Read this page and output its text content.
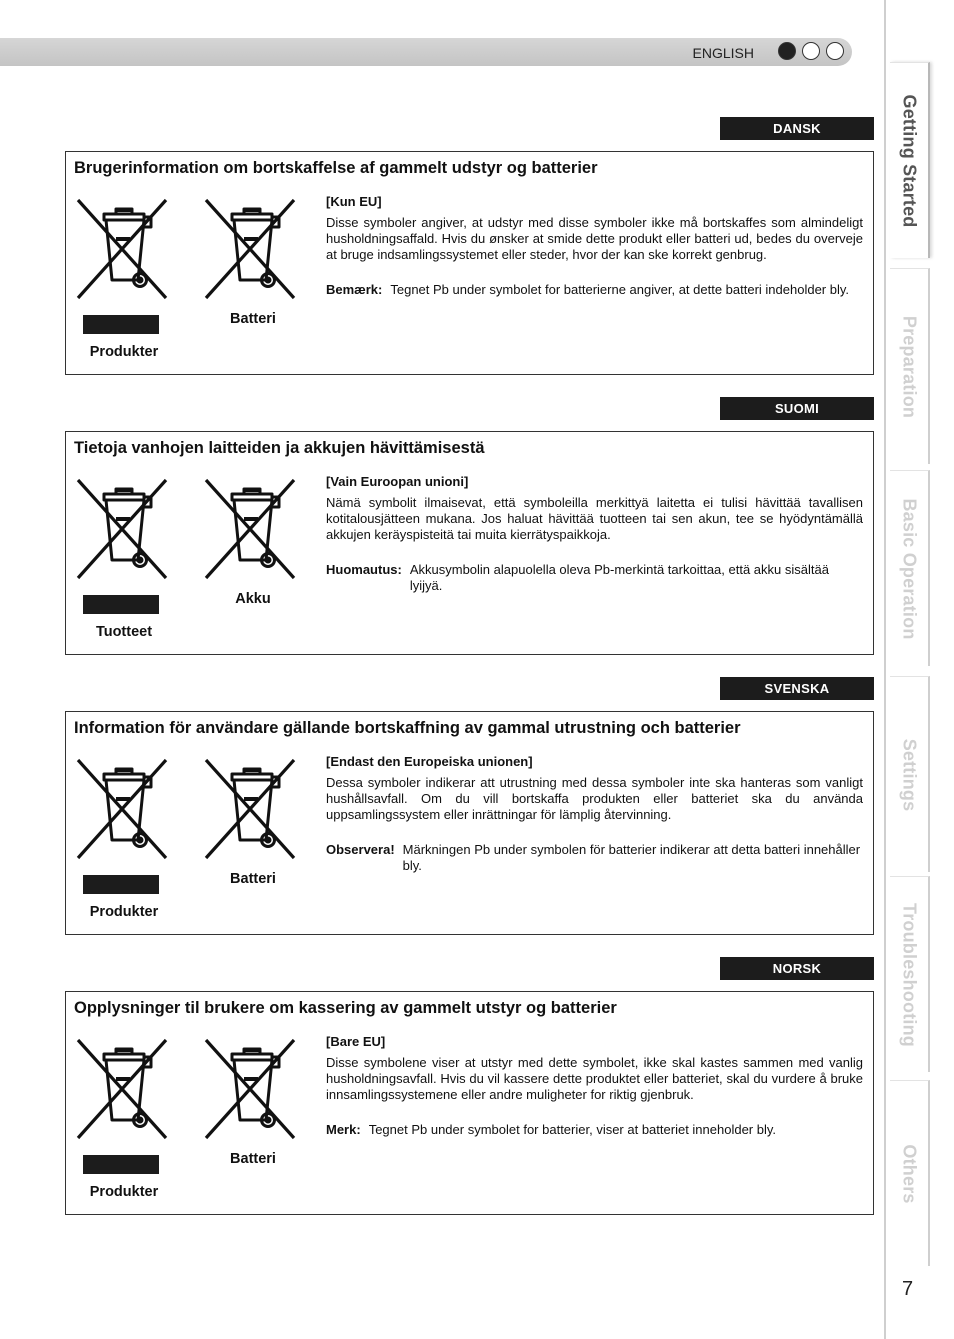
ENGLISH
Getting Started
Preparation
Basic Operation
Settings
Troubleshooting
Others
7
DANSK
Brugerinformation om bortskaffelse af gammelt udstyr og batterier
Produkter
Batteri
[Kun EU]
Disse symboler angiver, at udstyr med disse symboler ikke må bortskaffes som almindeligt husholdningsaffald. Hvis du ønsker at smide dette produkt eller batteri ud, bedes du overveje at bruge indsamlingssystemet eller steder, hvor der kan ske korrekt genbrug.
Bemærk: Tegnet Pb under symbolet for batterierne angiver, at dette batteri indeholder bly.
SUOMI
Tietoja vanhojen laitteiden ja akkujen hävittämisestä
Tuotteet
Akku
[Vain Euroopan unioni]
Nämä symbolit ilmaisevat, että symboleilla merkittyä laitetta ei tulisi hävittää tavallisen kotitalousjätteen mukana. Jos haluat hävittää tuotteen tai sen akun, tee se hyödyntämällä akkujen keräyspisteitä tai muita kierrätyspaikkoja.
Huomautus: Akkusymbolin alapuolella oleva Pb-merkintä tarkoittaa, että akku sisältää lyijyä.
SVENSKA
Information för användare gällande bortskaffning av gammal utrustning och batterier
Produkter
Batteri
[Endast den Europeiska unionen]
Dessa symboler indikerar att utrustning med dessa symboler inte ska hanteras som vanligt hushållsavfall. Om du vill bortskaffa produkten eller batteriet ska du använda uppsamlingssystem eller inrättningar för lämplig återvinning.
Observera! Märkningen Pb under symbolen för batterier indikerar att detta batteri innehåller bly.
NORSK
Opplysninger til brukere om kassering av gammelt utstyr og batterier
Produkter
Batteri
[Bare EU]
Disse symbolene viser at utstyr med dette symbolet, ikke skal kastes sammen med vanlig husholdningsavfall. Hvis du vil kassere dette produktet eller batteriet, skal du vurdere å bruke innsamlingssystemene eller andre muligheter for riktig gjenbruk.
Merk: Tegnet Pb under symbolet for batterier, viser at batteriet inneholder bly.
